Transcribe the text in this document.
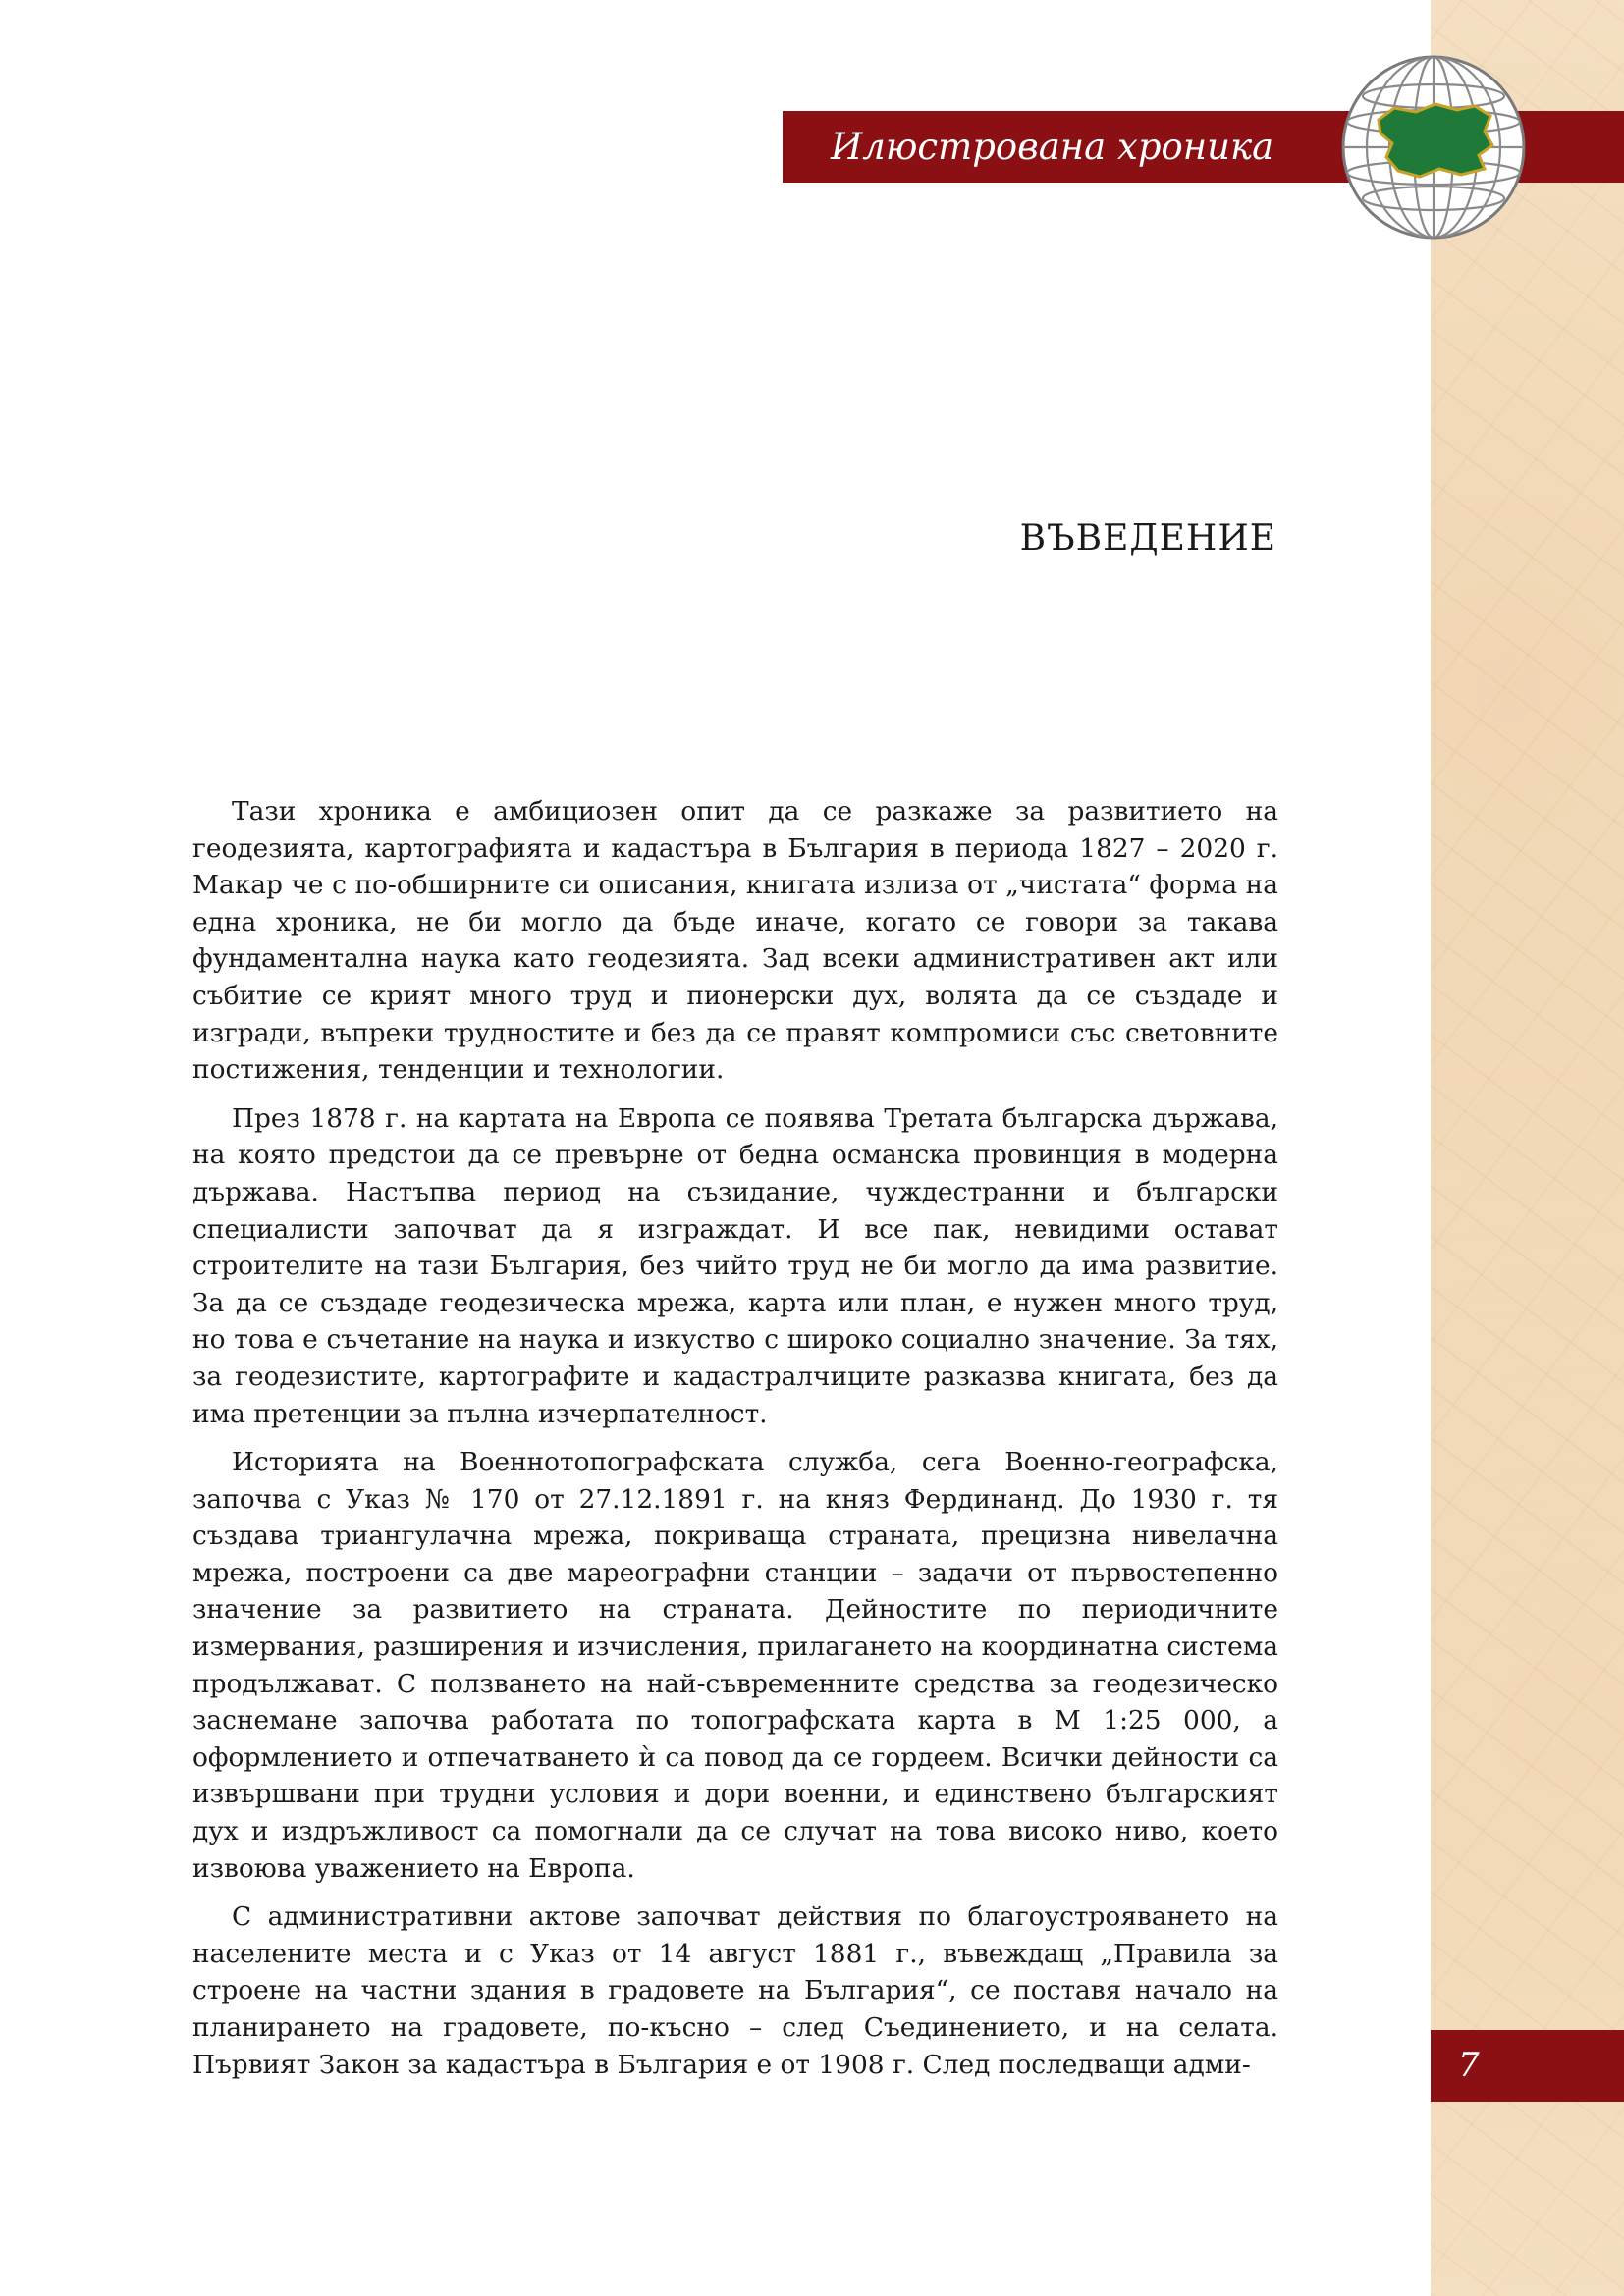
Илюстрована хроника
ВЪВЕДЕНИЕ

Тази хроника е амбициозен опит да се разкаже за развитието на геодезията, картографията и кадастъра в България в периода 1827 – 2020 г. Макар че с по-обширните си описания, книгата излиза от „чистата“ форма на една хроника, не би могло да бъде иначе, когато се говори за такава фундаментална наука като геодезията. Зад всеки административен акт или събитие се крият много труд и пионерски дух, волята да се създаде и изгради, въпреки трудностите и без да се правят компромиси със световните постижения, тенденции и технологии.

През 1878 г. на картата на Европа се появява Третата българска държава, на която предстои да се превърне от бедна османска провинция в модерна държава. Настъпва период на съзидание, чуждестранни и български специалисти започват да я изграждат. И все пак, невидими остават строителите на тази България, без чийто труд не би могло да има развитие. За да се създаде геодезическа мрежа, карта или план, е нужен много труд, но това е съчетание на наука и изкуство с широко социално значение. За тях, за геодезистите, картографите и кадастралчиците разказва книгата, без да има претенции за пълна изчерпателност.

Историята на Военнотопографската служба, сега Военно-географска, започва с Указ № 170 от 27.12.1891 г. на княз Фердинанд. До 1930 г. тя създава триангулачна мрежа, покриваща страната, прецизна нивелачна мрежа, построени са две мареографни станции – задачи от първостепенно значение за развитието на страната. Дейностите по периодичните измервания, разширения и изчисления, прилагането на координатна система продължават. С ползването на най-съвременните средства за геодезическо заснемане започва работата по топографската карта в М 1:25 000, а оформлението и отпечатването ѝ са повод да се гордеем. Всички дейности са извършвани при трудни условия и дори военни, и единствено българският дух и издръжливост са помогнали да се случат на това високо ниво, което извоюва уважението на Европа.

С административни актове започват действия по благоустрояването на населените места и с Указ от 14 август 1881 г., въвеждащ „Правила за строене на частни здания в градовете на България“, се поставя начало на планирането на градовете, по-късно – след Съединението, и на селата. Първият Закон за кадастъра в България е от 1908 г. След последващи адми-	7
